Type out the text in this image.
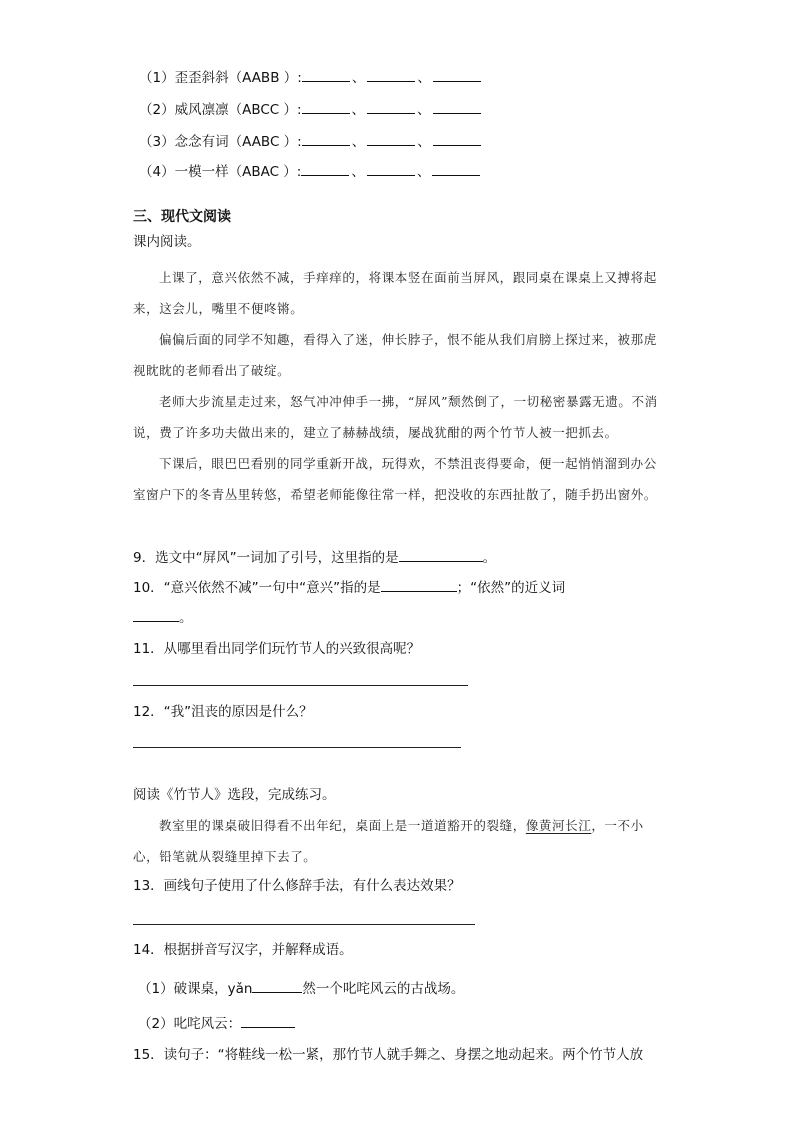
（1）歪歪斜斜（AABB ）:	、	、
（2）威风凛凛（ABCC ）:	、	、
（3）念念有词（AABC ）:	、	、
（4）一模一样（ABAC ）:	、	、
三、现代文阅读
课内阅读。
上课了，意兴依然不减，手痒痒的，将课本竖在面前当屏风，跟同桌在课桌上又搏将起来，这会儿，嘴里不便咚锵。
偏偏后面的同学不知趣，看得入了迷，伸长脖子，恨不能从我们肩膀上探过来，被那虎视眈眈的老师看出了破绽。
老师大步流星走过来，怒气冲冲伸手一拂，“屏风”颓然倒了，一切秘密暴露无遗。不消说，费了许多功夫做出来的，建立了赫赫战绩，屡战犹酣的两个竹节人被一把抓去。
下课后，眼巴巴看别的同学重新开战，玩得欢，不禁沮丧得要命，便一起悄悄溜到办公室窗户下的冬青丛里转悠，希望老师能像往常一样，把没收的东西扯散了，随手扔出窗外。
9．选文中“屏风”一词加了引号，这里指的是	。
10．“意兴依然不减”一句中“意兴”指的是	；“依然”的近义词
。
11．从哪里看出同学们玩竹节人的兴致很高呢？
12．“我”沮丧的原因是什么？
阅读《竹节人》选段，完成练习。
教室里的课桌破旧得看不出年纪，桌面上是一道道豁开的裂缝，像黄河长江，一不小心，铅笔就从裂缝里掉下去了。
13．画线句子使用了什么修辞手法，有什么表达效果？
14．根据拼音写汉字，并解释成语。
（1）破课桌，yǎn	然一个叱咤风云的古战场。
（2）叱咤风云：
15．读句子：“将鞋线一松一紧，那竹节人就手舞之、身摆之地动起来。两个竹节人放
